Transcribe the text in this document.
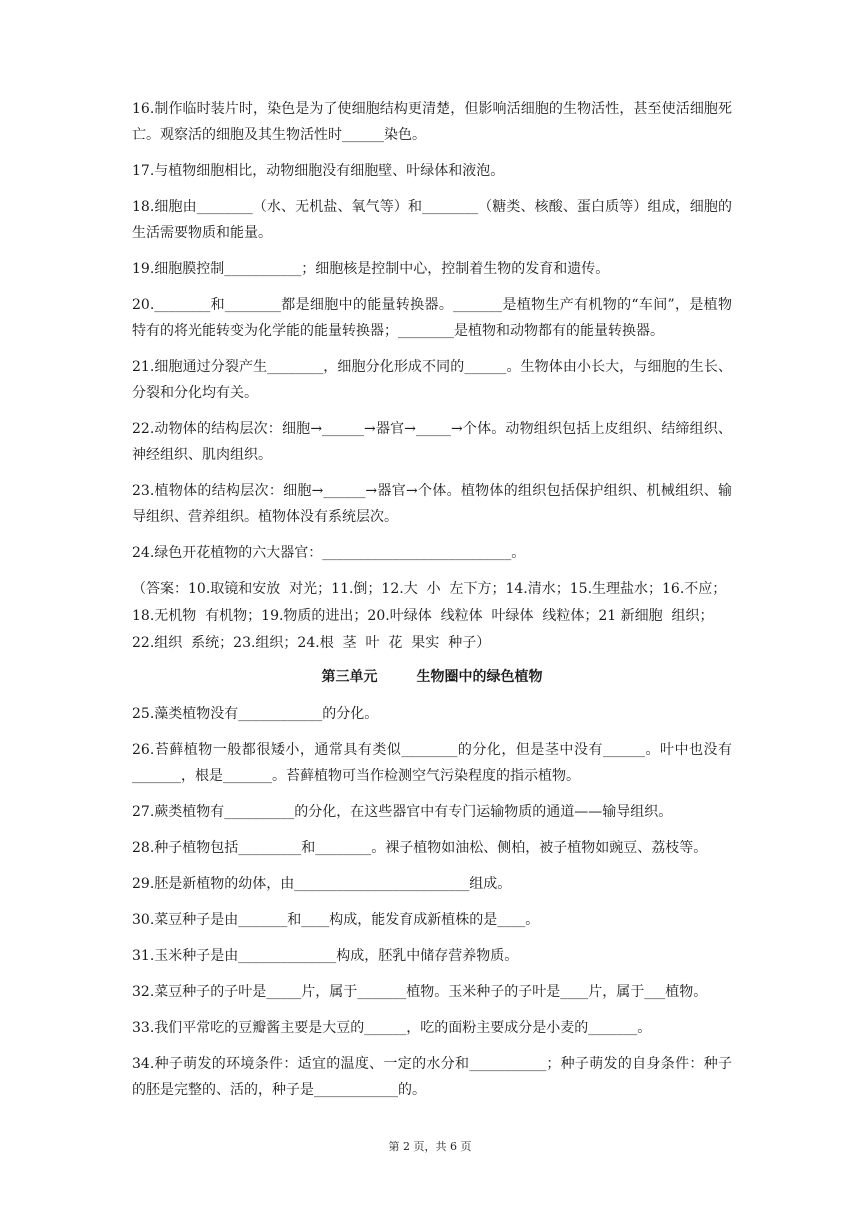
16.制作临时装片时，染色是为了使细胞结构更清楚，但影响活细胞的生物活性，甚至使活细胞死亡。观察活的细胞及其生物活性时______染色。

17.与植物细胞相比，动物细胞没有细胞壁、叶绿体和液泡。

18.细胞由________（水、无机盐、氧气等）和________（糖类、核酸、蛋白质等）组成，细胞的生活需要物质和能量。

19.细胞膜控制___________；细胞核是控制中心，控制着生物的发育和遗传。

20.________和________都是细胞中的能量转换器。_______是植物生产有机物的“车间”，是植物特有的将光能转变为化学能的能量转换器；________是植物和动物都有的能量转换器。

21.细胞通过分裂产生________，细胞分化形成不同的______。生物体由小长大，与细胞的生长、分裂和分化均有关。

22.动物体的结构层次：细胞→______→器官→_____→个体。动物组织包括上皮组织、结缔组织、神经组织、肌肉组织。

23.植物体的结构层次：细胞→______→器官→个体。植物体的组织包括保护组织、机械组织、输导组织、营养组织。植物体没有系统层次。

24.绿色开花植物的六大器官：___________________________。

（答案：10.取镜和安放  对光；11.倒；12.大  小  左下方；14.清水；15.生理盐水；16.不应；18.无机物  有机物；19.物质的进出；20.叶绿体  线粒体  叶绿体  线粒体；21 新细胞  组织；22.组织  系统；23.组织；24.根  茎  叶  花  果实  种子）

第三单元        生物圈中的绿色植物

25.藻类植物没有____________的分化。

26.苔藓植物一般都很矮小，通常具有类似________的分化，但是茎中没有______。叶中也没有_______，根是_______。苔藓植物可当作检测空气污染程度的指示植物。

27.蕨类植物有__________的分化，在这些器官中有专门运输物质的通道——输导组织。

28.种子植物包括_________和________。裸子植物如油松、侧柏，被子植物如豌豆、荔枝等。

29.胚是新植物的幼体，由_________________________组成。

30.菜豆种子是由_______和____构成，能发育成新植株的是____。

31.玉米种子是由______________构成，胚乳中储存营养物质。

32.菜豆种子的子叶是_____片，属于_______植物。玉米种子的子叶是____片，属于___植物。

33.我们平常吃的豆瓣酱主要是大豆的______，吃的面粉主要成分是小麦的_______。

34.种子萌发的环境条件：适宜的温度、一定的水分和___________；种子萌发的自身条件：种子的胚是完整的、活的，种子是____________的。

第 2 页，共 6 页
